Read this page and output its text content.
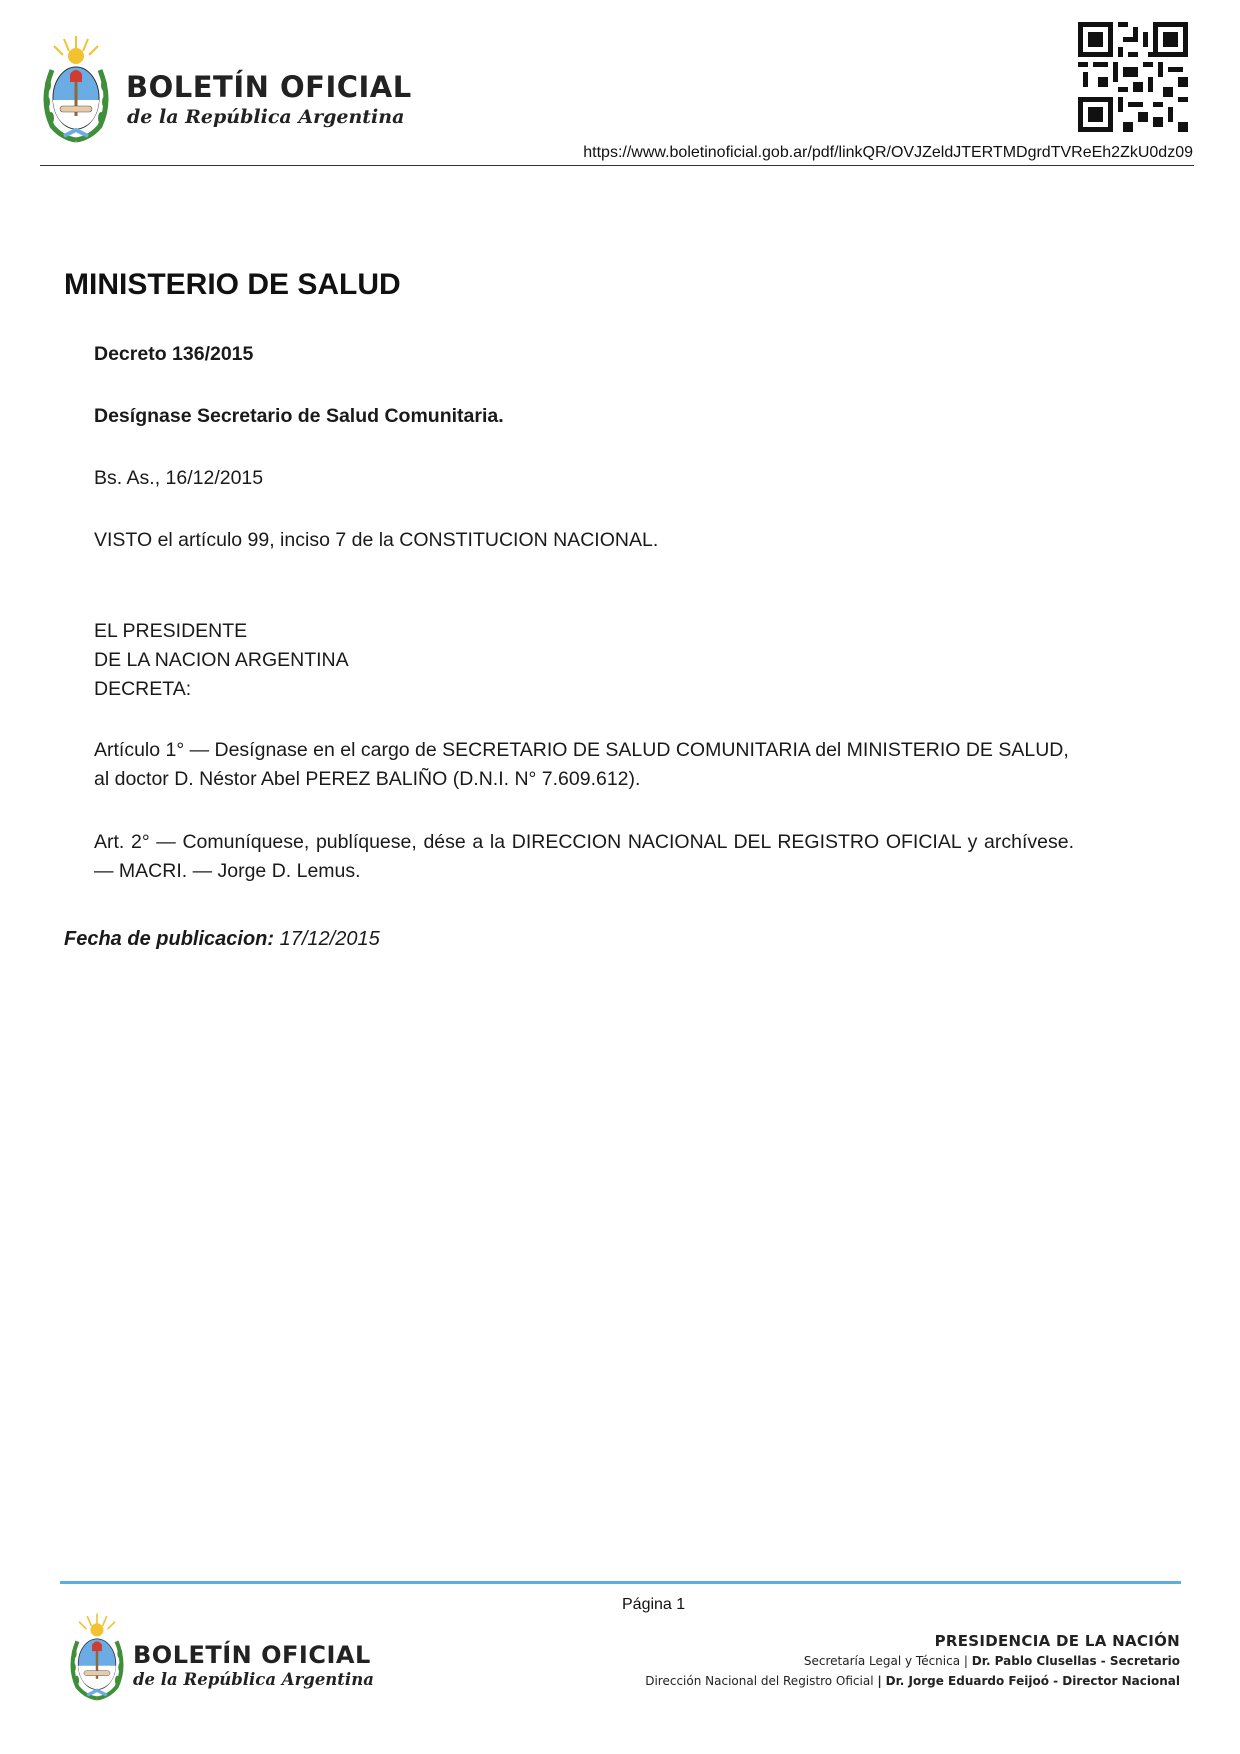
BOLETÍN OFICIAL
de la República Argentina
https://www.boletinoficial.gob.ar/pdf/linkQR/OVJZeldJTERTMDgrdTVReEh2ZkU0dz09
MINISTERIO DE SALUD
Decreto 136/2015
Desígnase Secretario de Salud Comunitaria.
Bs. As., 16/12/2015
VISTO el artículo 99, inciso 7 de la CONSTITUCION NACIONAL.
EL PRESIDENTE
DE LA NACION ARGENTINA
DECRETA:
Artículo 1° — Desígnase en el cargo de SECRETARIO DE SALUD COMUNITARIA del MINISTERIO DE SALUD, al doctor D. Néstor Abel PEREZ BALIÑO (D.N.I. N° 7.609.612).
Art. 2° — Comuníquese, publíquese, dése a la DIRECCION NACIONAL DEL REGISTRO OFICIAL y archívese. — MACRI. — Jorge D. Lemus.
Fecha de publicacion: 17/12/2015
Página 1
BOLETÍN OFICIAL
de la República Argentina
PRESIDENCIA DE LA NACIÓN
Secretaría Legal y Técnica | Dr. Pablo Clusellas - Secretario
Dirección Nacional del Registro Oficial | Dr. Jorge Eduardo Feijoó - Director Nacional
